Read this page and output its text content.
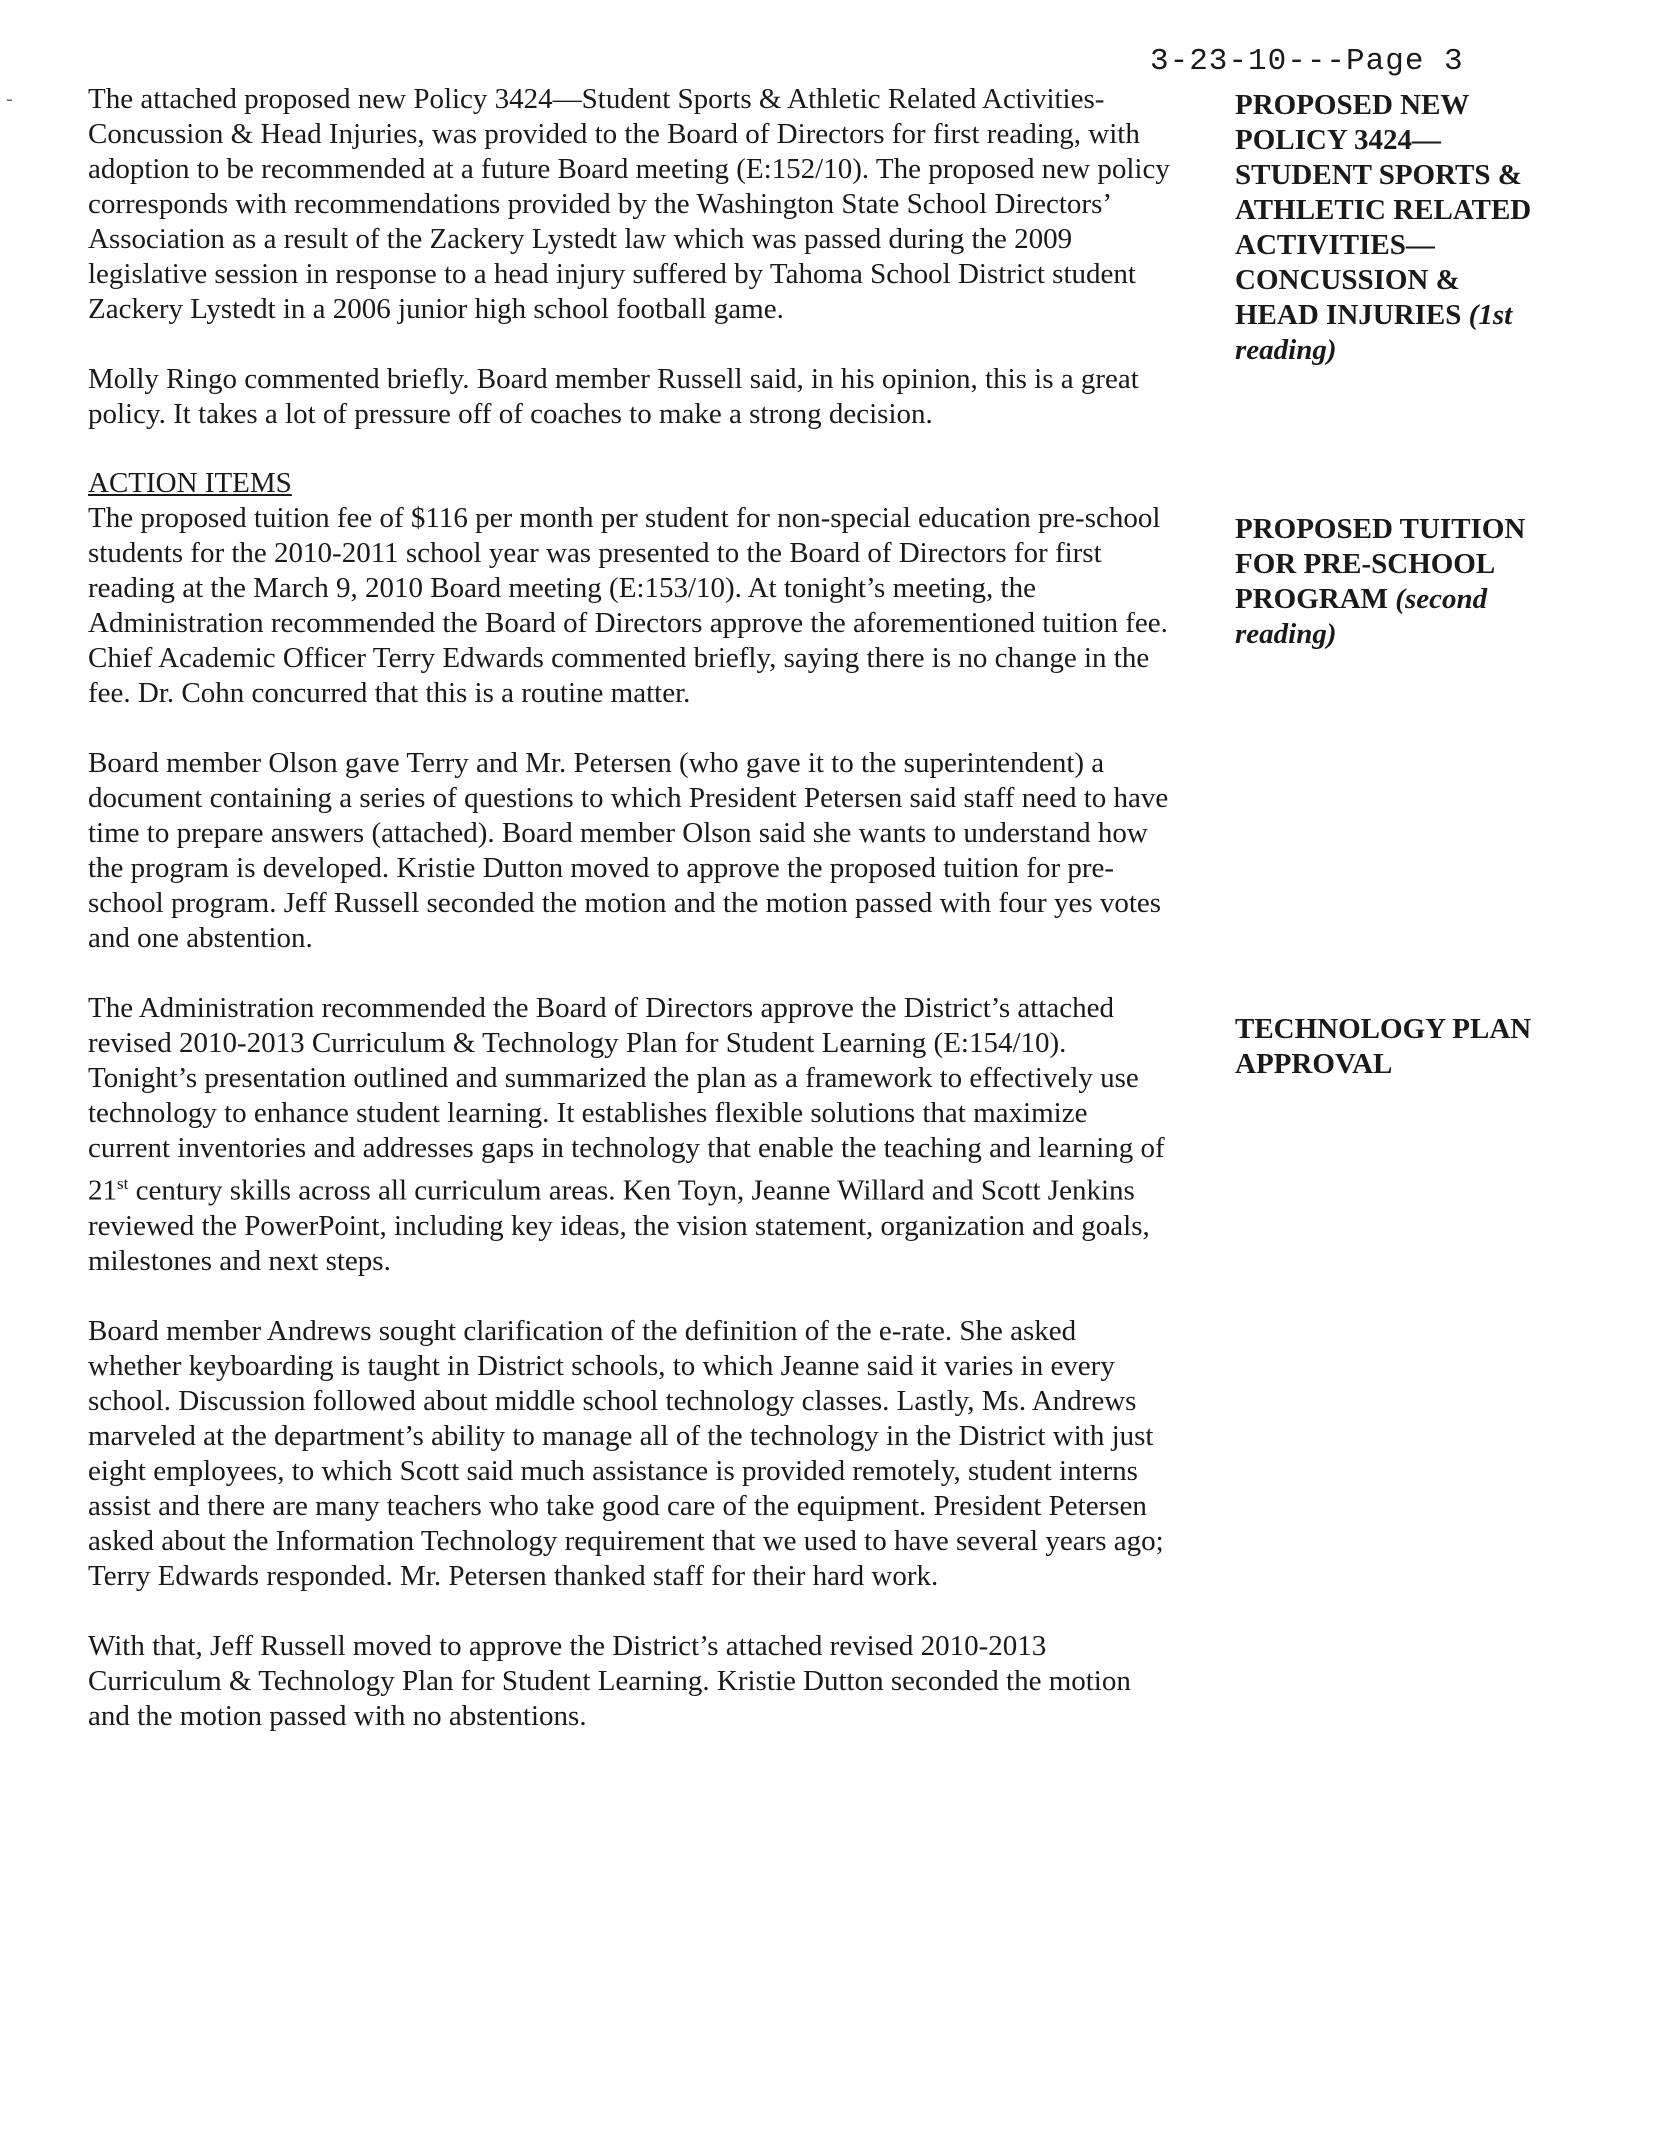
3-23-10---Page 3
-	The attached proposed new Policy 3424—Student Sports & Athletic Related Activities-Concussion & Head Injuries, was provided to the Board of Directors for first reading, with adoption to be recommended at a future Board meeting (E:152/10). The proposed new policy corresponds with recommendations provided by the Washington State School Directors’ Association as a result of the Zackery Lystedt law which was passed during the 2009 legislative session in response to a head injury suffered by Tahoma School District student Zackery Lystedt in a 2006 junior high school football game.

Molly Ringo commented briefly. Board member Russell said, in his opinion, this is a great policy. It takes a lot of pressure off of coaches to make a strong decision.

ACTION ITEMS

The proposed tuition fee of $116 per month per student for non-special education pre-school students for the 2010-2011 school year was presented to the Board of Directors for first reading at the March 9, 2010 Board meeting (E:153/10). At tonight’s meeting, the Administration recommended the Board of Directors approve the aforementioned tuition fee. Chief Academic Officer Terry Edwards commented briefly, saying there is no change in the fee. Dr. Cohn concurred that this is a routine matter.

Board member Olson gave Terry and Mr. Petersen (who gave it to the superintendent) a document containing a series of questions to which President Petersen said staff need to have time to prepare answers (attached). Board member Olson said she wants to understand how the program is developed. Kristie Dutton moved to approve the proposed tuition for pre-school program. Jeff Russell seconded the motion and the motion passed with four yes votes and one abstention.

The Administration recommended the Board of Directors approve the District’s attached revised 2010-2013 Curriculum & Technology Plan for Student Learning (E:154/10). Tonight’s presentation outlined and summarized the plan as a framework to effectively use technology to enhance student learning. It establishes flexible solutions that maximize current inventories and addresses gaps in technology that enable the teaching and learning of 21st century skills across all curriculum areas. Ken Toyn, Jeanne Willard and Scott Jenkins reviewed the PowerPoint, including key ideas, the vision statement, organization and goals, milestones and next steps.

Board member Andrews sought clarification of the definition of the e-rate. She asked whether keyboarding is taught in District schools, to which Jeanne said it varies in every school. Discussion followed about middle school technology classes. Lastly, Ms. Andrews marveled at the department’s ability to manage all of the technology in the District with just eight employees, to which Scott said much assistance is provided remotely, student interns assist and there are many teachers who take good care of the equipment. President Petersen asked about the Information Technology requirement that we used to have several years ago; Terry Edwards responded. Mr. Petersen thanked staff for their hard work.

With that, Jeff Russell moved to approve the District’s attached revised 2010-2013 Curriculum & Technology Plan for Student Learning. Kristie Dutton seconded the motion and the motion passed with no abstentions.

PROPOSED NEW POLICY 3424— STUDENT SPORTS & ATHLETIC RELATED ACTIVITIES— CONCUSSION & HEAD INJURIES (1st reading)
PROPOSED TUITION FOR PRE-SCHOOL PROGRAM (second reading)
TECHNOLOGY PLAN APPROVAL
